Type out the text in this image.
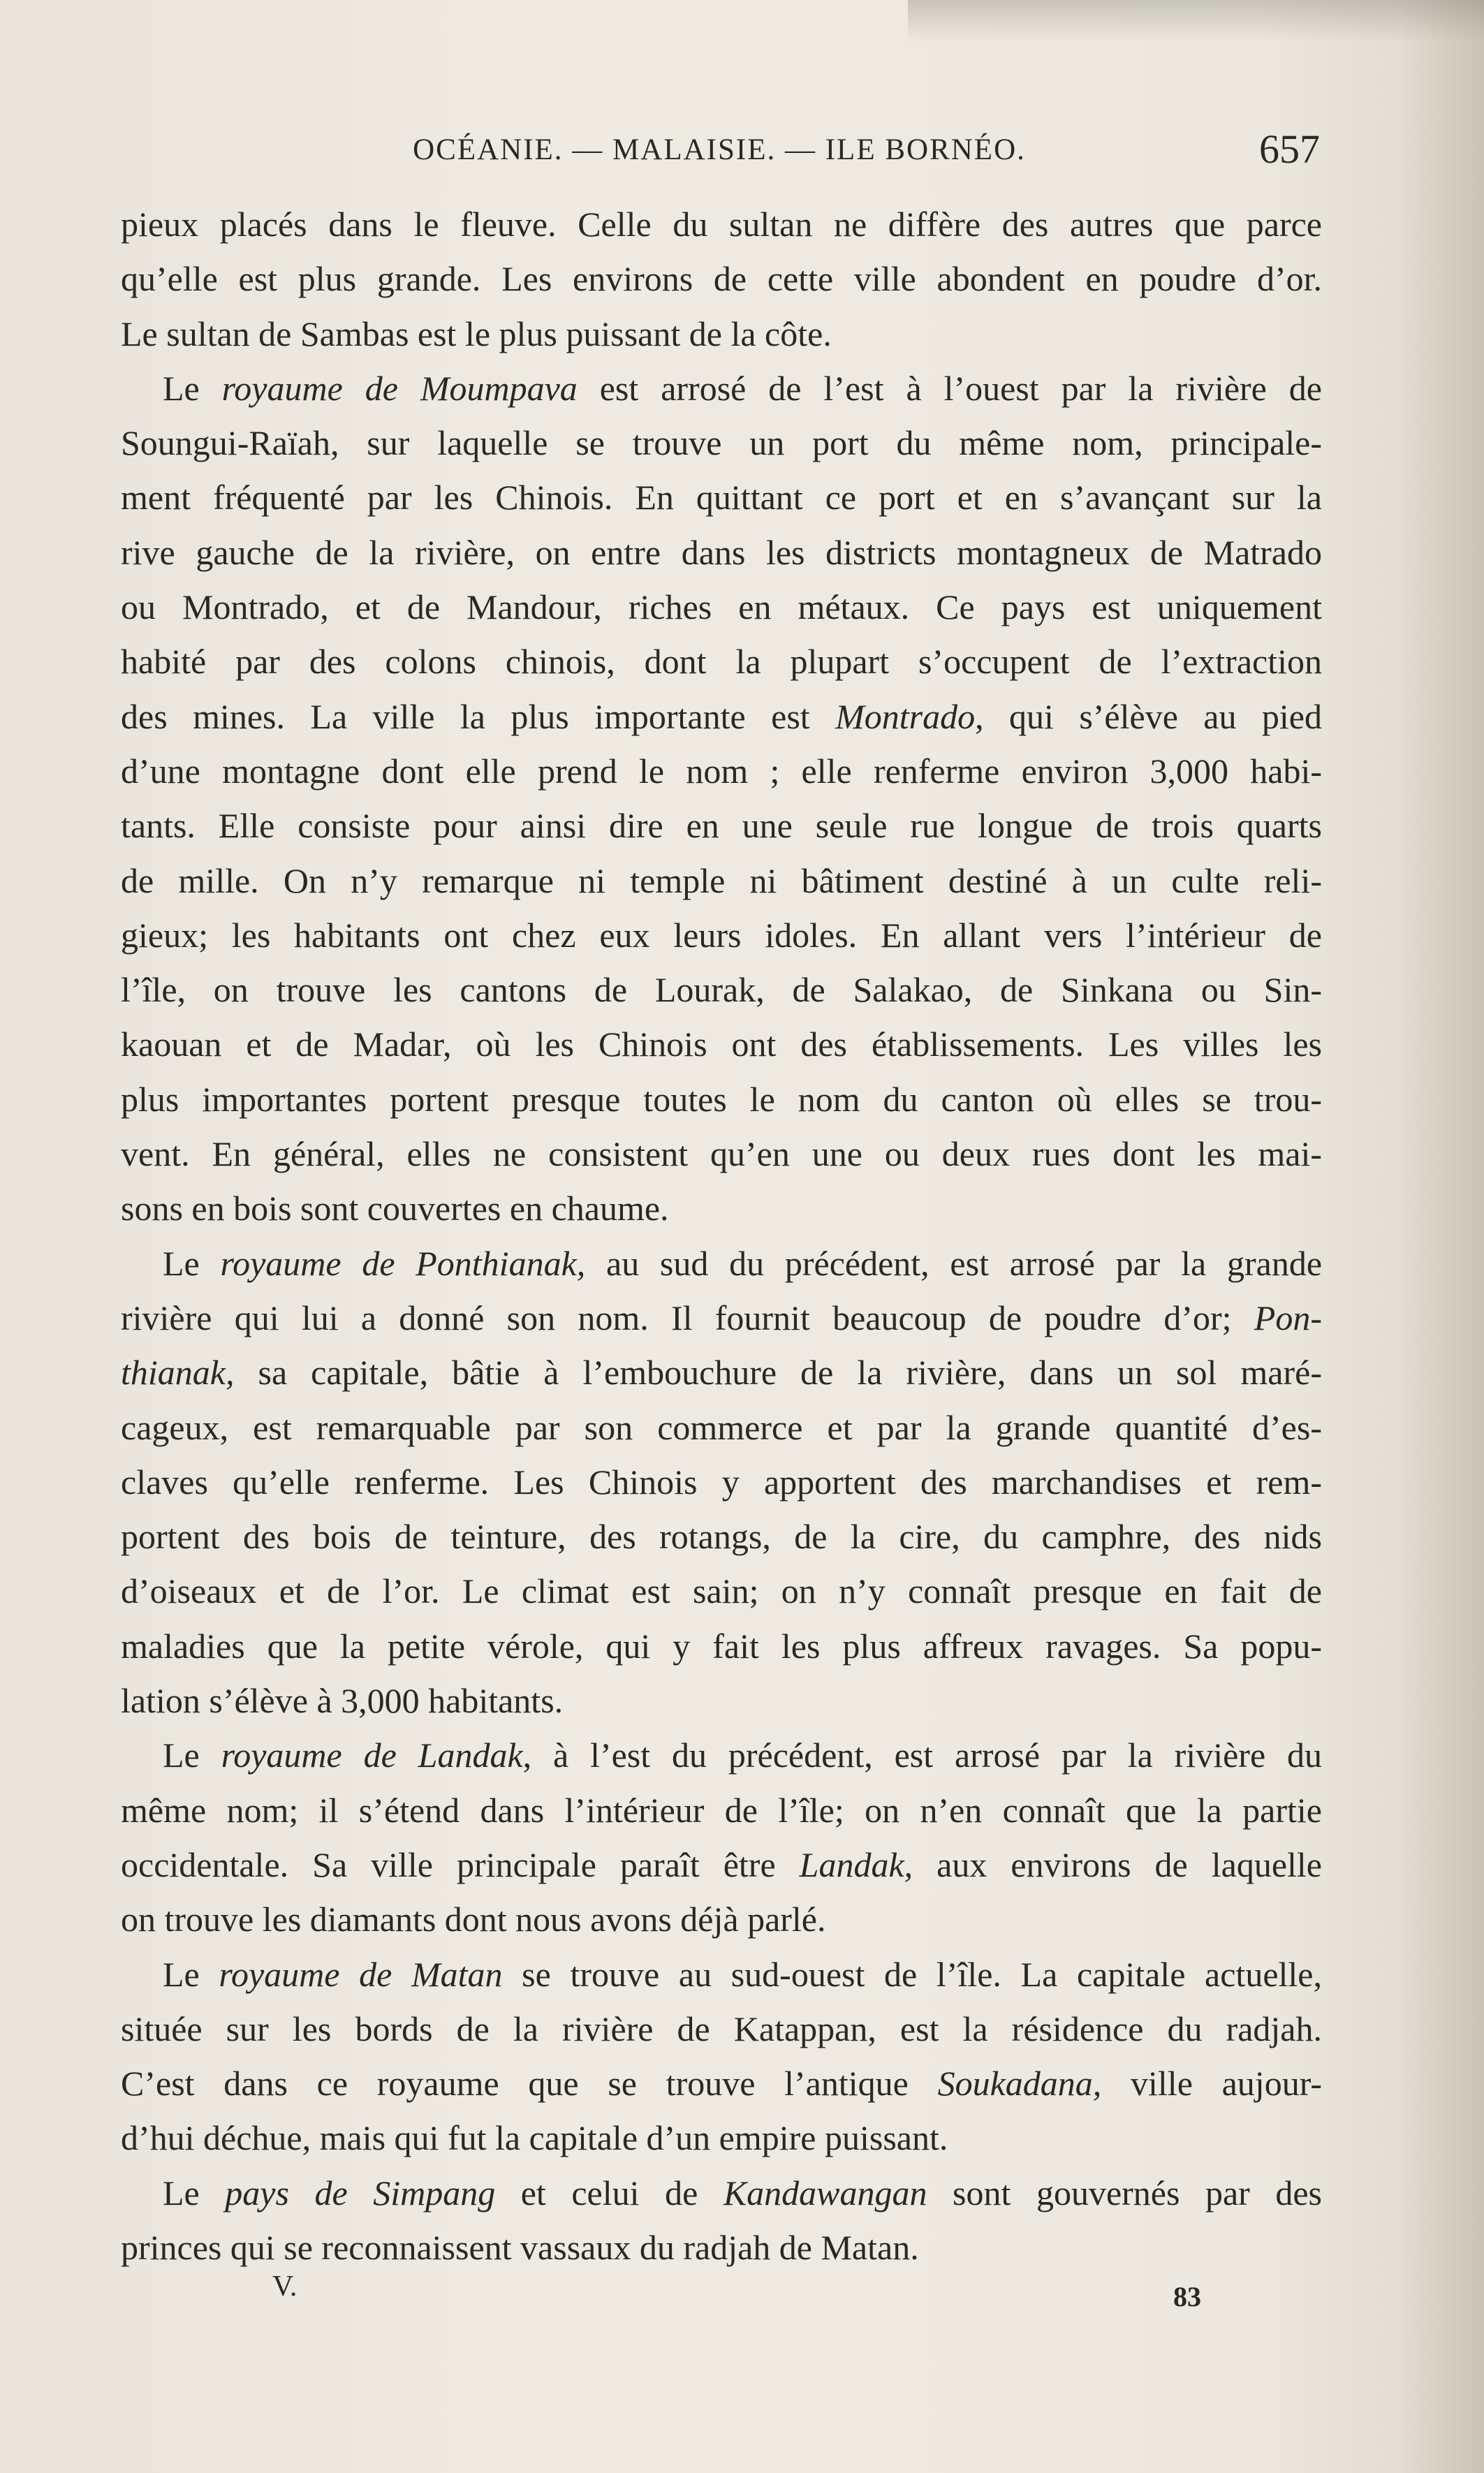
OCÉANIE. — MALAISIE. — ILE BORNÉO.	657
pieux placés dans le fleuve. Celle du sultan ne diffère des autres que parce
qu’elle est plus grande. Les environs de cette ville abondent en poudre d’or.
Le sultan de Sambas est le plus puissant de la côte.
Le royaume de Moumpava est arrosé de l’est à l’ouest par la rivière de
Soungui-Raïah, sur laquelle se trouve un port du même nom, principale-
ment fréquenté par les Chinois. En quittant ce port et en s’avançant sur la
rive gauche de la rivière, on entre dans les districts montagneux de Matrado
ou Montrado, et de Mandour, riches en métaux. Ce pays est uniquement
habité par des colons chinois, dont la plupart s’occupent de l’extraction
des mines. La ville la plus importante est Montrado, qui s’élève au pied
d’une montagne dont elle prend le nom ; elle renferme environ 3,000 habi-
tants. Elle consiste pour ainsi dire en une seule rue longue de trois quarts
de mille. On n’y remarque ni temple ni bâtiment destiné à un culte reli-
gieux; les habitants ont chez eux leurs idoles. En allant vers l’intérieur de
l’île, on trouve les cantons de Lourak, de Salakao, de Sinkana ou Sin-
kaouan et de Madar, où les Chinois ont des établissements. Les villes les
plus importantes portent presque toutes le nom du canton où elles se trou-
vent. En général, elles ne consistent qu’en une ou deux rues dont les mai-
sons en bois sont couvertes en chaume.
Le royaume de Ponthianak, au sud du précédent, est arrosé par la grande
rivière qui lui a donné son nom. Il fournit beaucoup de poudre d’or; Pon-
thianak, sa capitale, bâtie à l’embouchure de la rivière, dans un sol maré-
cageux, est remarquable par son commerce et par la grande quantité d’es-
claves qu’elle renferme. Les Chinois y apportent des marchandises et rem-
portent des bois de teinture, des rotangs, de la cire, du camphre, des nids
d’oiseaux et de l’or. Le climat est sain; on n’y connaît presque en fait de
maladies que la petite vérole, qui y fait les plus affreux ravages. Sa popu-
lation s’élève à 3,000 habitants.
Le royaume de Landak, à l’est du précédent, est arrosé par la rivière du
même nom; il s’étend dans l’intérieur de l’île; on n’en connaît que la partie
occidentale. Sa ville principale paraît être Landak, aux environs de laquelle
on trouve les diamants dont nous avons déjà parlé.
Le royaume de Matan se trouve au sud-ouest de l’île. La capitale actuelle,
située sur les bords de la rivière de Katappan, est la résidence du radjah.
C’est dans ce royaume que se trouve l’antique Soukadana, ville aujour-
d’hui déchue, mais qui fut la capitale d’un empire puissant.
Le pays de Simpang et celui de Kandawangan sont gouvernés par des
princes qui se reconnaissent vassaux du radjah de Matan.
V.	83
